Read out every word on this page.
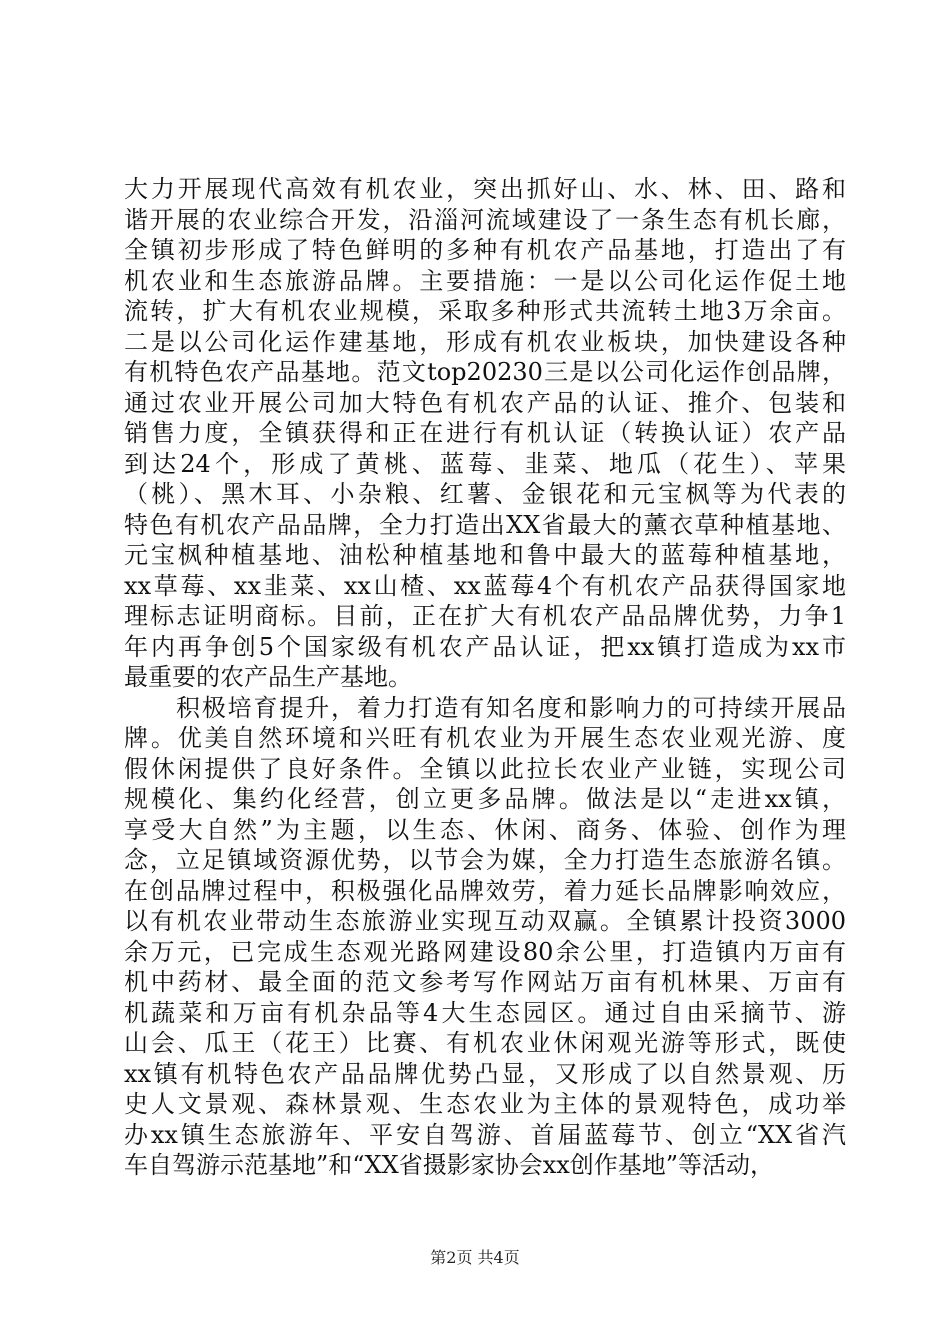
大力开展现代高效有机农业，突出抓好山、水、林、田、路和
谐开展的农业综合开发，沿淄河流域建设了一条生态有机长廊，
全镇初步形成了特色鲜明的多种有机农产品基地，打造出了有
机农业和生态旅游品牌。主要措施：一是以公司化运作促土地
流转，扩大有机农业规模，采取多种形式共流转土地3万余亩。
二是以公司化运作建基地，形成有机农业板块，加快建设各种
有机特色农产品基地。范文top20230三是以公司化运作创品牌，
通过农业开展公司加大特色有机农产品的认证、推介、包装和
销售力度，全镇获得和正在进行有机认证（转换认证）农产品
到达24个，形成了黄桃、蓝莓、韭菜、地瓜（花生）、苹果
（桃）、黑木耳、小杂粮、红薯、金银花和元宝枫等为代表的
特色有机农产品品牌，全力打造出XX省最大的薰衣草种植基地、
元宝枫种植基地、油松种植基地和鲁中最大的蓝莓种植基地，
xx草莓、xx韭菜、xx山楂、xx蓝莓4个有机农产品获得国家地
理标志证明商标。目前，正在扩大有机农产品品牌优势，力争1
年内再争创5个国家级有机农产品认证，把xx镇打造成为xx市
最重要的农产品生产基地。
积极培育提升，着力打造有知名度和影响力的可持续开展品
牌。优美自然环境和兴旺有机农业为开展生态农业观光游、度
假休闲提供了良好条件。全镇以此拉长农业产业链，实现公司
规模化、集约化经营，创立更多品牌。做法是以“走进xx镇，
享受大自然”为主题，以生态、休闲、商务、体验、创作为理
念，立足镇域资源优势，以节会为媒，全力打造生态旅游名镇。
在创品牌过程中，积极强化品牌效劳，着力延长品牌影响效应，
以有机农业带动生态旅游业实现互动双赢。全镇累计投资3000
余万元，已完成生态观光路网建设80余公里，打造镇内万亩有
机中药材、最全面的范文参考写作网站万亩有机林果、万亩有
机蔬菜和万亩有机杂品等4大生态园区。通过自由采摘节、游
山会、瓜王（花王）比赛、有机农业休闲观光游等形式，既使
xx镇有机特色农产品品牌优势凸显，又形成了以自然景观、历
史人文景观、森林景观、生态农业为主体的景观特色，成功举
办xx镇生态旅游年、平安自驾游、首届蓝莓节、创立“XX省汽
车自驾游示范基地”和“XX省摄影家协会xx创作基地”等活动，
第2页 共4页
